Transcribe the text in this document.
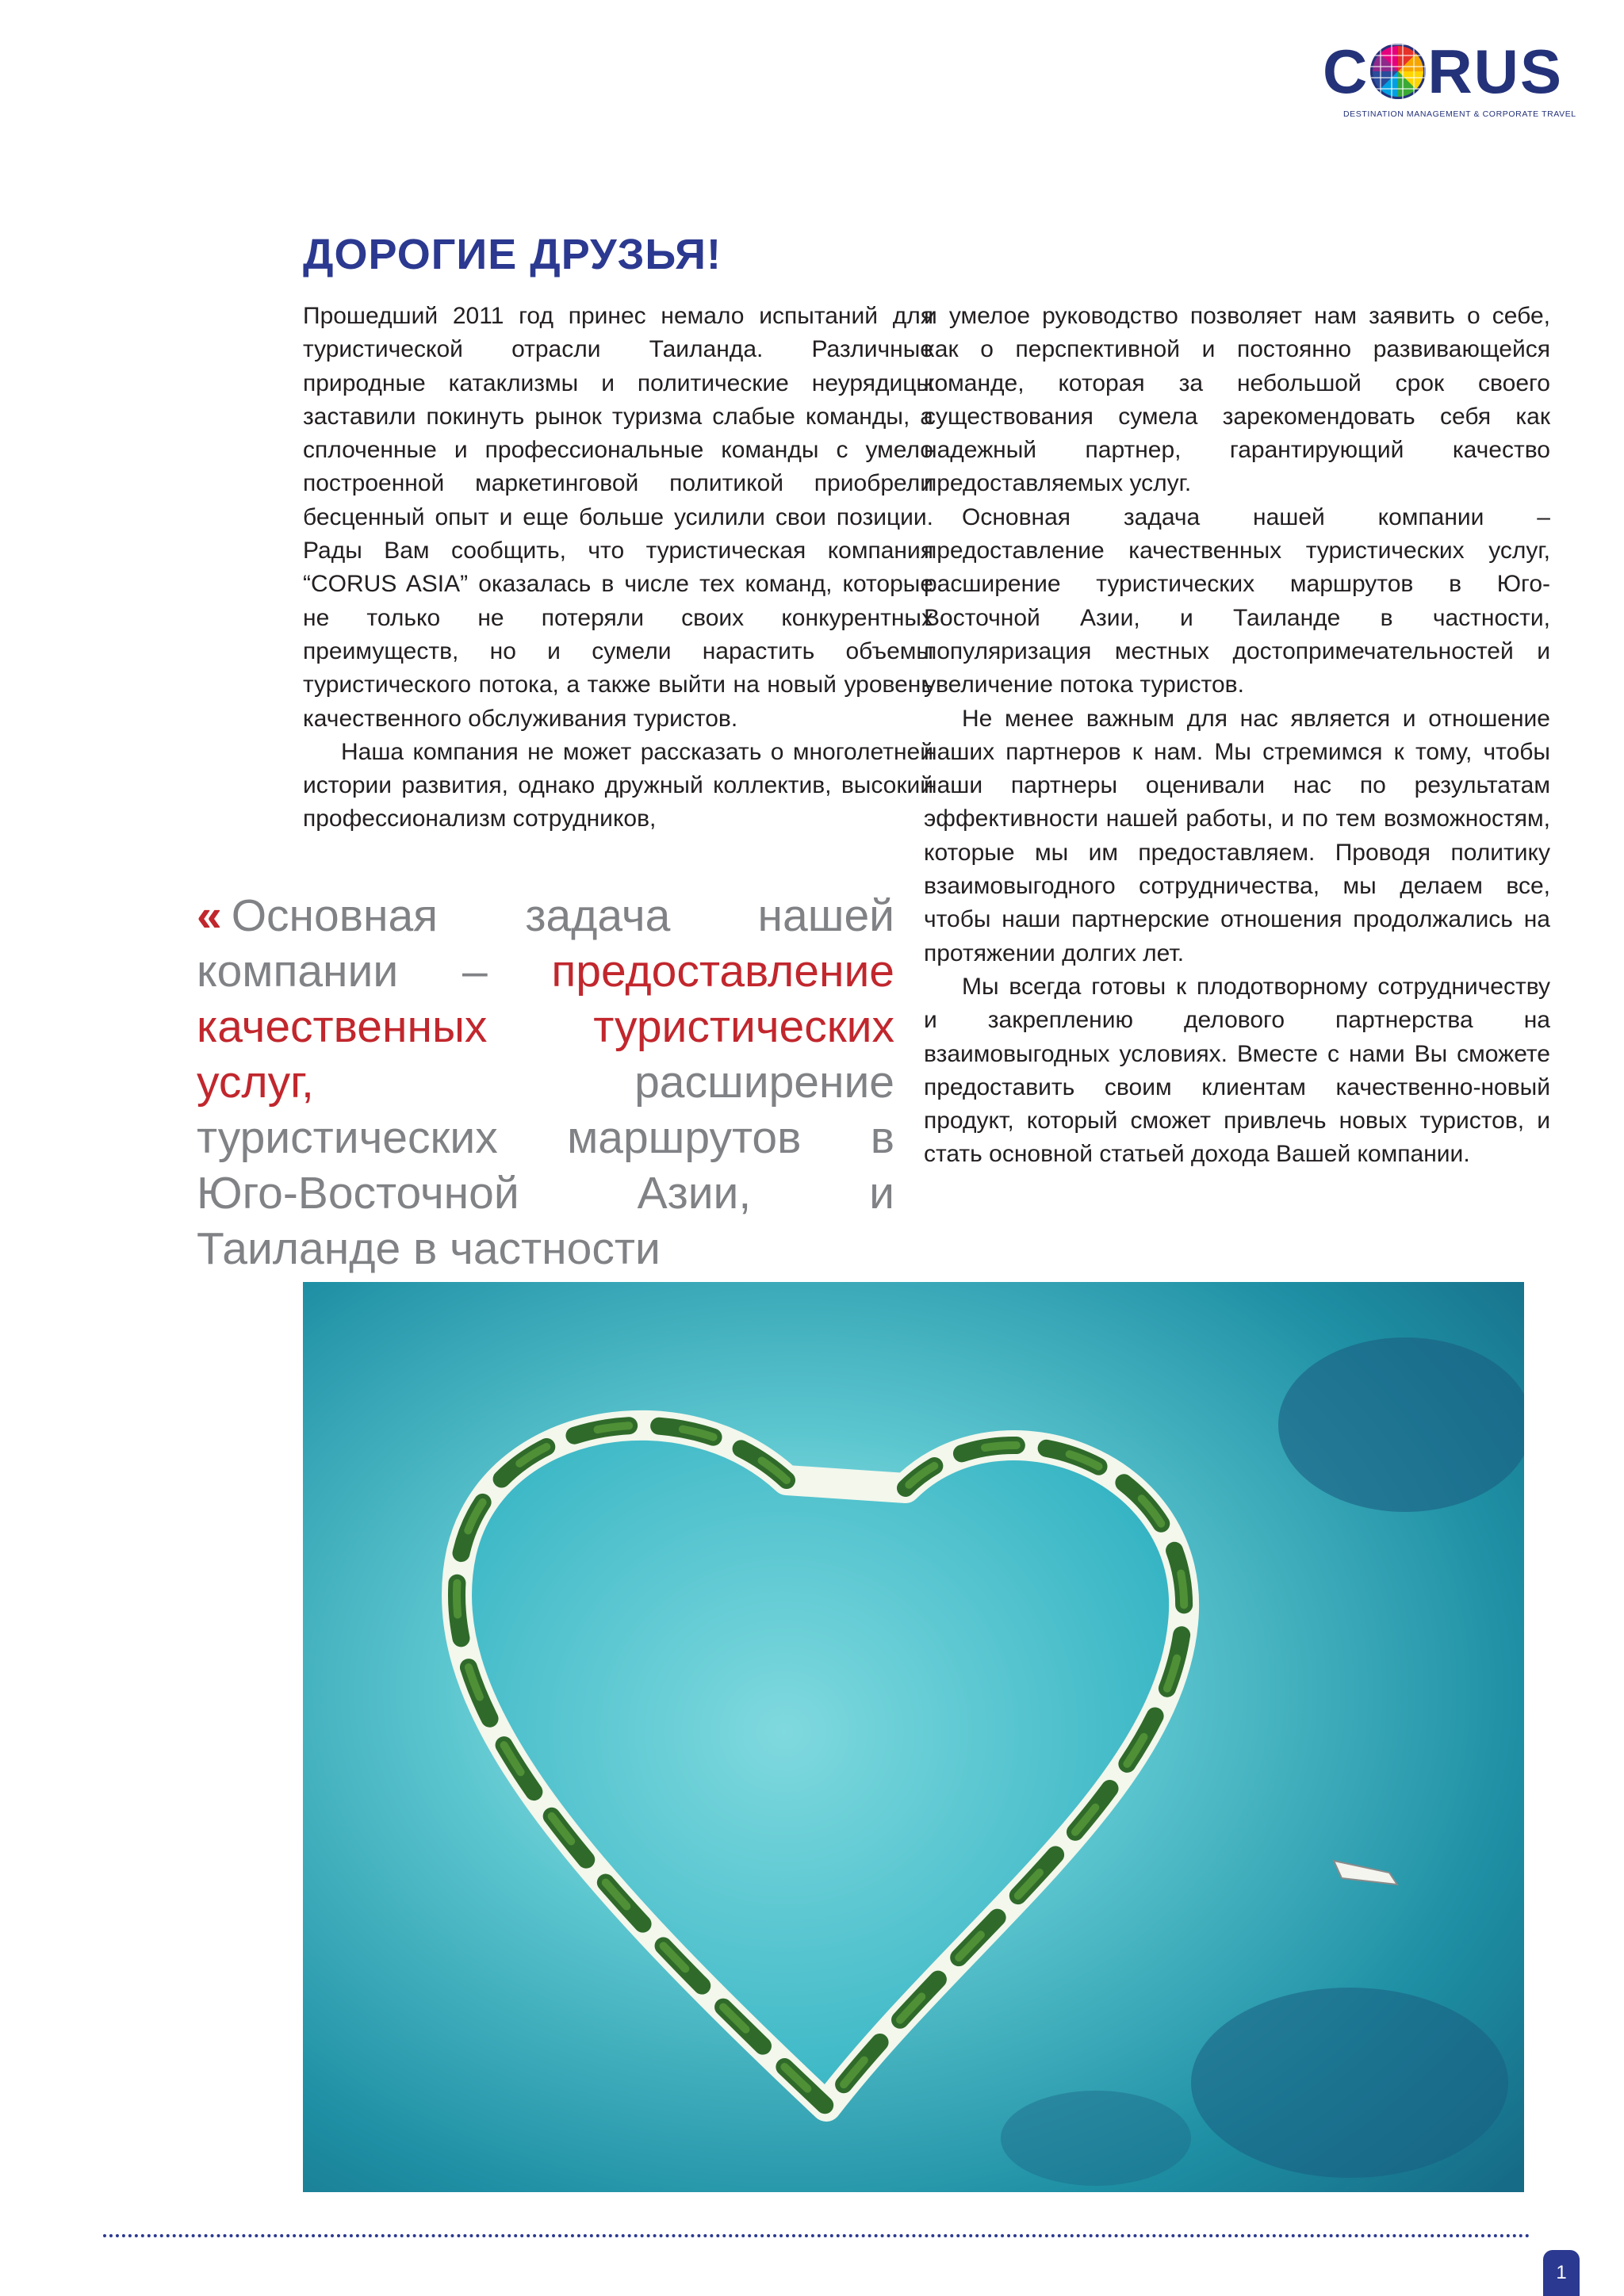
C RUS
DESTINATION MANAGEMENT & CORPORATE TRAVEL
ДОРОГИЕ ДРУЗЬЯ!

Прошедший 2011 год принес немало испытаний для туристической отрасли Таиланда. Различные природные катаклизмы и политические неурядицы заставили покинуть рынок туризма слабые команды, а сплоченные и профессиональные команды с умело построенной маркетинговой политикой приобрели бесценный опыт и еще больше усилили свои позиции. Рады Вам сообщить, что туристическая компания “CORUS ASIA” оказалась в числе тех команд, которые не только не потеряли своих конкурентных преимуществ, но и сумели нарастить объемы туристического потока, а также выйти на новый уровень качественного обслуживания туристов.

Наша компания не может рассказать о многолетней истории развития, однако дружный коллектив, высокий профессионализм сотрудников,

и умелое руководство позволяет нам заявить о себе, как о перспективной и постоянно развивающейся команде, которая за небольшой срок своего существования сумела зарекомендовать себя как надежный партнер, гарантирующий качество предоставляемых услуг.

Основная задача нашей компании – предоставление качественных туристических услуг, расширение туристических маршрутов в Юго-Восточной Азии, и Таиланде в частности, популяризация местных достопримечательностей и увеличение потока туристов.

Не менее важным для нас является и отношение наших партнеров к нам. Мы стремимся к тому, чтобы наши партнеры оценивали нас по результатам эффективности нашей работы, и по тем возможностям, которые мы им предоставляем. Проводя политику взаимовыгодного сотрудничества, мы делаем все, чтобы наши партнерские отношения продолжались на протяжении долгих лет.

Мы всегда готовы к плодотворному сотрудничеству и закреплению делового партнерства на взаимовыгодных условиях. Вместе с нами Вы сможете предоставить своим клиентам качественно-новый продукт, который сможет привлечь новых туристов, и стать основной статьей дохода Вашей компании.

« Основная задача нашей компании – предоставление качественных туристических услуг, расширение туристических маршрутов в Юго-Восточной Азии, и Таиланде в частности

1
